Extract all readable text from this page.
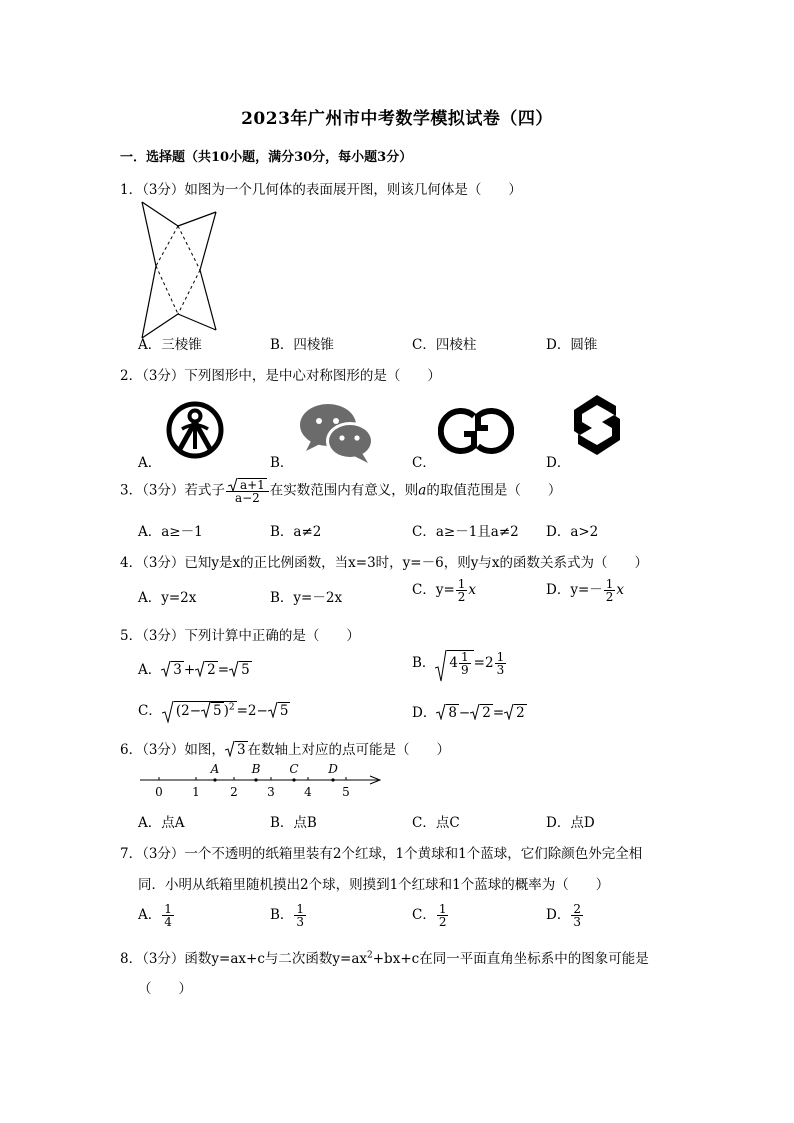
2023年广州市中考数学模拟试卷（四）
一．选择题（共10小题，满分30分，每小题3分）
1．（3分）如图为一个几何体的表面展开图，则该几何体是（　　）
A．三棱锥	B．四棱锥	C．四棱柱	D．圆锥
2．（3分）下列图形中，是中心对称图形的是（　　）
A．	B．	C．	D．
3．（3分）若式子 $\frac{a+1}{a-2}$ 在实数范围内有意义，则a的取值范围是（　　）
A．a≥－1	B．a≠2	C．a≥－1且a≠2 D．a>2
4．（3分）已知y是x的正比例函数，当x=3时，y=－6，则y与x的函数关系式为（　　）
A．y=2x	B．y=－2x	C．$y= \frac{1}{2}$ x	D．$y=- \frac{1}{2}$ x
5．（3分）下列计算中正确的是（　　）
A． 3 + 2 = 5	B． $4 \frac{1}{9} =2 \frac{1}{3}$
C． (2− 5 )$^2$ =2− 5	D． 8 − 2 = 2
6．（3分）如图， 3 在数轴上对应的点可能是（　　）
A	B C D
0 1	2 3 4	5
A．点A	B．点B	C．点C	D．点D
7．（3分）一个不透明的纸箱里装有2个红球，1个黄球和1个蓝球，它们除颜色外完全相
同．小明从纸箱里随机摸出2个球，则摸到1个红球和1个蓝球的概率为（　　）
A． $\frac{1}{4}$	B． $\frac{1}{3}$	C． $\frac{1}{2}$	D． $\frac{2}{3}$
8．（3分）函数y=ax+c与二次函数$y=ax^2+bx+c$在同一平面直角坐标系中的图象可能是
（　　）
